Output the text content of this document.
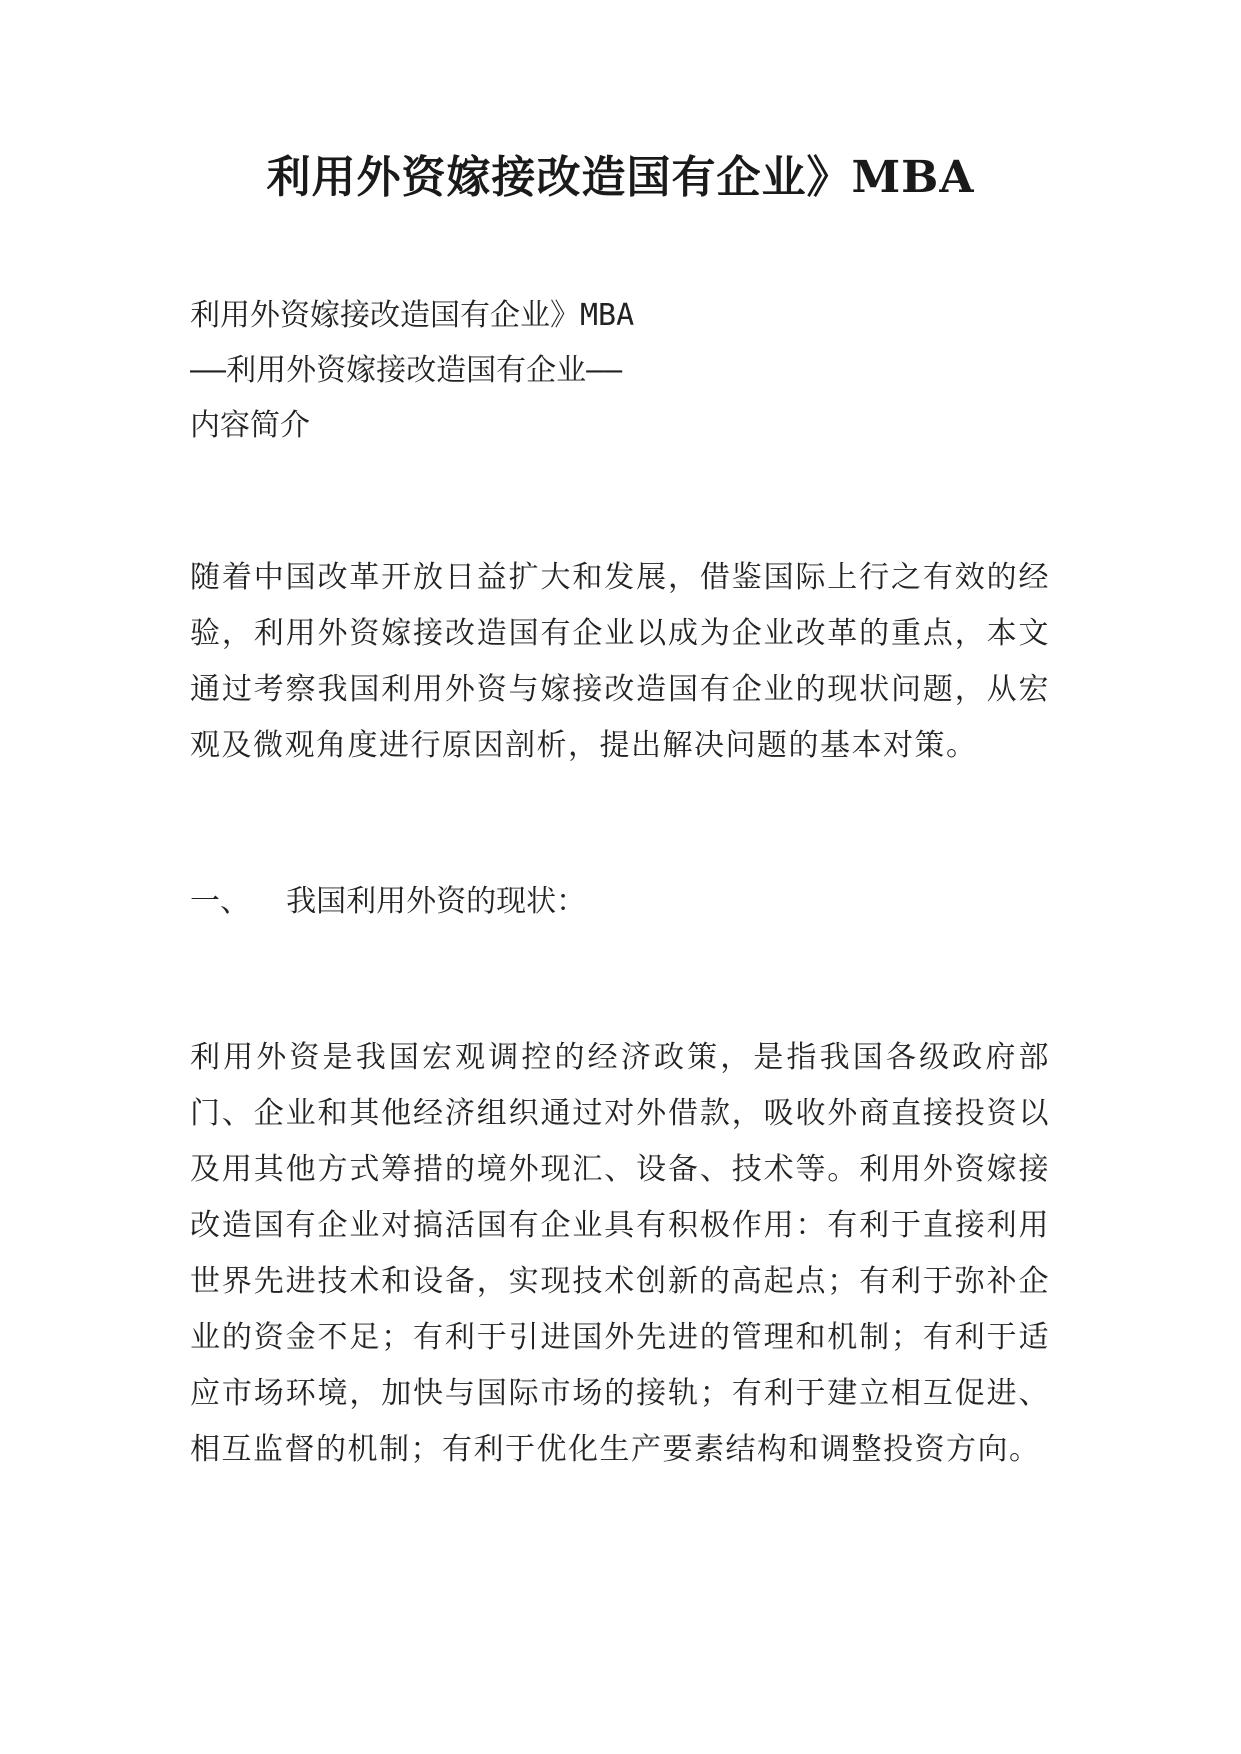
利用外资嫁接改造国有企业》MBA

利用外资嫁接改造国有企业》MBA

——利用外资嫁接改造国有企业——

内容简介

随着中国改革开放日益扩大和发展，借鉴国际上行之有效的经验，利用外资嫁接改造国有企业以成为企业改革的重点，本文通过考察我国利用外资与嫁接改造国有企业的现状问题，从宏观及微观角度进行原因剖析，提出解决问题的基本对策。

一、  我国利用外资的现状：

利用外资是我国宏观调控的经济政策，是指我国各级政府部门、企业和其他经济组织通过对外借款，吸收外商直接投资以及用其他方式筹措的境外现汇、设备、技术等。利用外资嫁接改造国有企业对搞活国有企业具有积极作用：有利于直接利用世界先进技术和设备，实现技术创新的高起点；有利于弥补企业的资金不足；有利于引进国外先进的管理和机制；有利于适应市场环境，加快与国际市场的接轨；有利于建立相互促进、相互监督的机制；有利于优化生产要素结构和调整投资方向。
